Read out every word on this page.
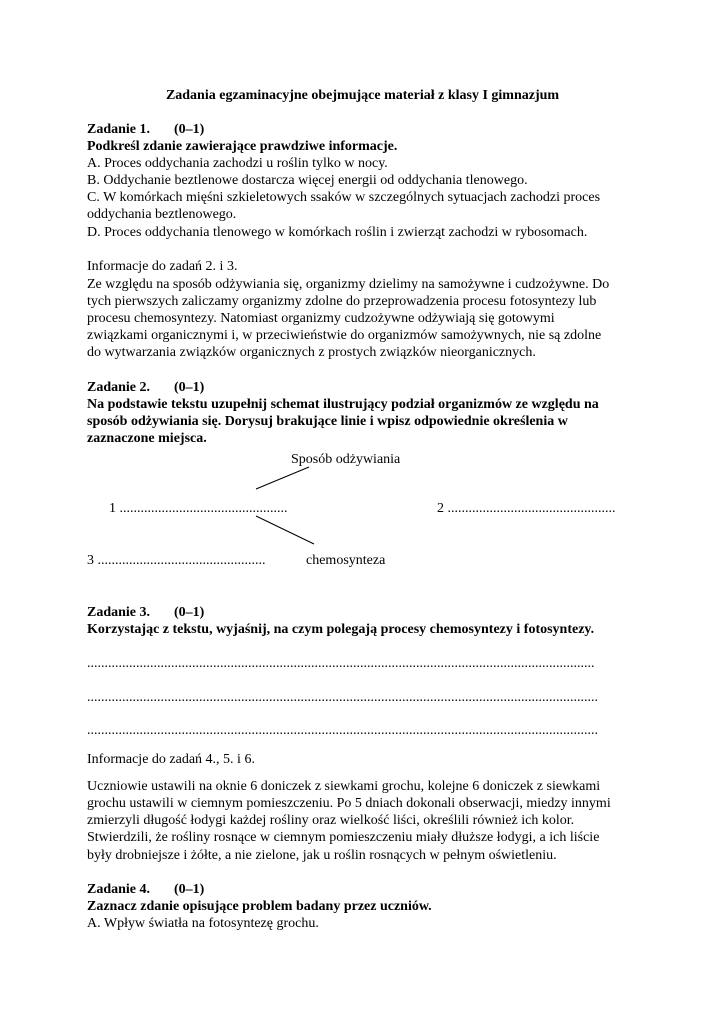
Zadania egzaminacyjne obejmujące materiał z klasy I gimnazjum
Zadanie 1. (0–1)
Podkreśl zdanie zawierające prawdziwe informacje.
A. Proces oddychania zachodzi u roślin tylko w nocy.
B. Oddychanie beztlenowe dostarcza więcej energii od oddychania tlenowego.
C. W komórkach mięśni szkieletowych ssaków w szczególnych sytuacjach zachodzi proces
oddychania beztlenowego.
D. Proces oddychania tlenowego w komórkach roślin i zwierząt zachodzi w rybosomach.
Informacje do zadań 2. i 3.
Ze względu na sposób odżywiania się, organizmy dzielimy na samożywne i cudzożywne. Do
tych pierwszych zaliczamy organizmy zdolne do przeprowadzenia procesu fotosyntezy lub
procesu chemosyntezy. Natomiast organizmy cudzożywne odżywiają się gotowymi
związkami organicznymi i, w przeciwieństwie do organizmów samożywnych, nie są zdolne
do wytwarzania związków organicznych z prostych związków nieorganicznych.
Zadanie 2. (0–1)
Na podstawie tekstu uzupełnij schemat ilustrujący podział organizmów ze względu na
sposób odżywiania się. Dorysuj brakujące linie i wpisz odpowiednie określenia w
zaznaczone miejsca.
Sposób odżywiania
1 ................................................	2 ................................................
3 ................................................	chemosynteza
Zadanie 3. (0–1)
Korzystając z tekstu, wyjaśnij, na czym polegają procesy chemosyntezy i fotosyntezy.
.................................................................................................................................................
..................................................................................................................................................
..................................................................................................................................................
Informacje do zadań 4., 5. i 6.
Uczniowie ustawili na oknie 6 doniczek z siewkami grochu, kolejne 6 doniczek z siewkami
grochu ustawili w ciemnym pomieszczeniu. Po 5 dniach dokonali obserwacji, miedzy innymi
zmierzyli długość łodygi każdej rośliny oraz wielkość liści, określili również ich kolor.
Stwierdzili, że rośliny rosnące w ciemnym pomieszczeniu miały dłuższe łodygi, a ich liście
były drobniejsze i żółte, a nie zielone, jak u roślin rosnących w pełnym oświetleniu.
Zadanie 4. (0–1)
Zaznacz zdanie opisujące problem badany przez uczniów.
A. Wpływ światła na fotosyntezę grochu.
